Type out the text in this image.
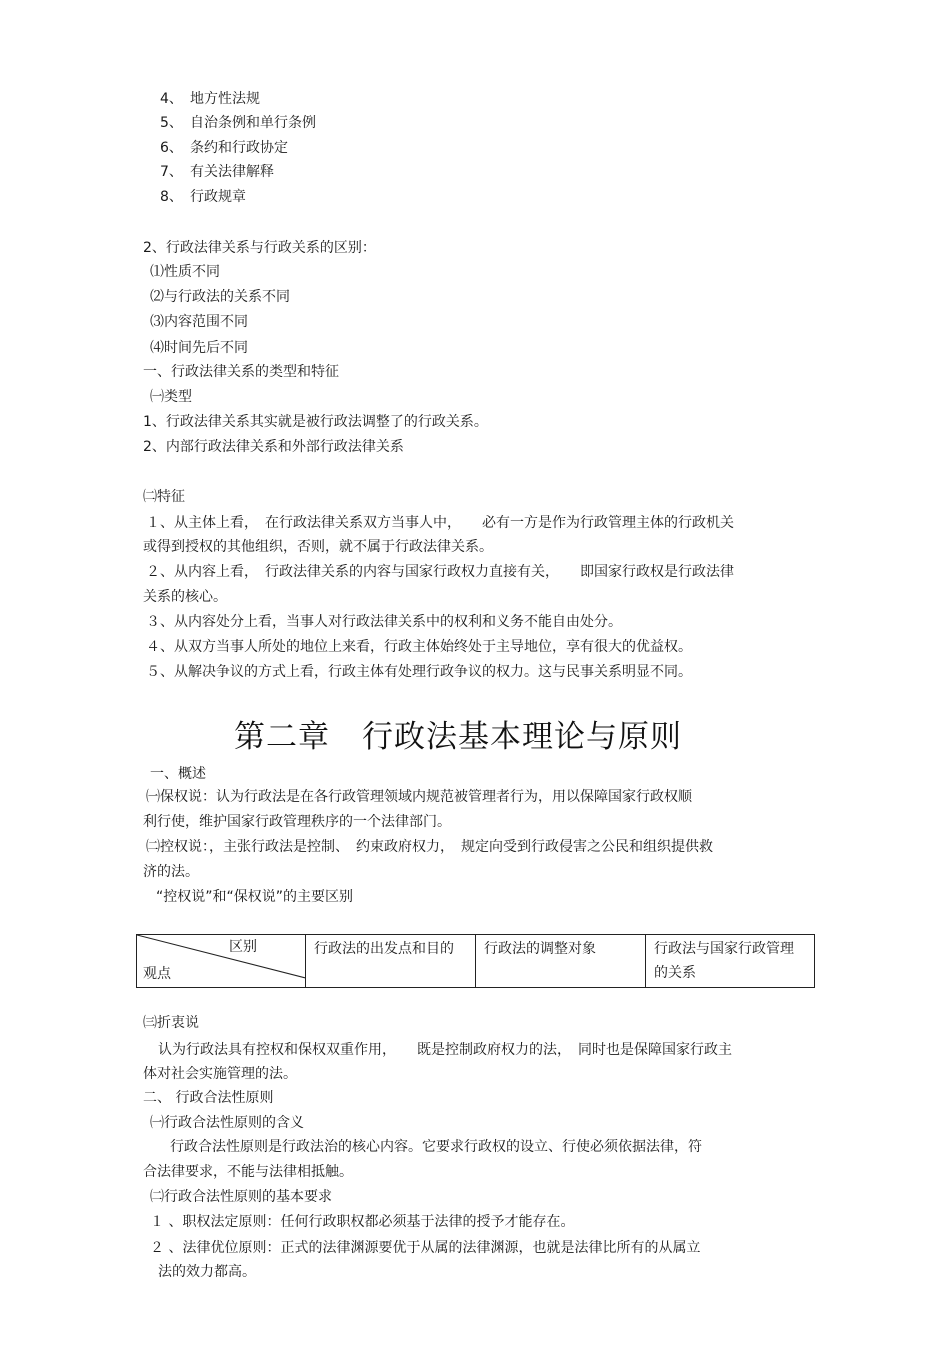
4、 地方性法规
5、 自治条例和单行条例
6、 条约和行政协定
7、 有关法律解释
8、 行政规章
2、行政法律关系与行政关系的区别：
⑴性质不同
⑵与行政法的关系不同
⑶内容范围不同
⑷时间先后不同
一、行政法律关系的类型和特征
㈠类型
1、行政法律关系其实就是被行政法调整了的行政关系。
2、内部行政法律关系和外部行政法律关系
㈡特征
１、从主体上看，　在行政法律关系双方当事人中，　　必有一方是作为行政管理主体的行政机关
或得到授权的其他组织，否则，就不属于行政法律关系。
２、从内容上看，　行政法律关系的内容与国家行政权力直接有关，　　即国家行政权是行政法律
关系的核心。
３、从内容处分上看，当事人对行政法律关系中的权利和义务不能自由处分。
４、从双方当事人所处的地位上来看，行政主体始终处于主导地位，享有很大的优益权。
５、从解决争议的方式上看，行政主体有处理行政争议的权力。这与民事关系明显不同。
第二章　行政法基本理论与原则
一、概述
㈠保权说：认为行政法是在各行政管理领域内规范被管理者行为，用以保障国家行政权顺
利行使，维护国家行政管理秩序的一个法律部门。
㈡控权说：，主张行政法是控制、　约束政府权力，　规定向受到行政侵害之公民和组织提供救
济的法。
“控权说”和“保权说”的主要区别
区别
观点
	行政法的出发点和目的	行政法的调整对象	行政法与国家行政管理的关系
㈢折衷说
认为行政法具有控权和保权双重作用，　　既是控制政府权力的法，　同时也是保障国家行政主
体对社会实施管理的法。
二、 行政合法性原则
㈠行政合法性原则的含义
行政合法性原则是行政法治的核心内容。它要求行政权的设立、行使必须依据法律，符
合法律要求，不能与法律相抵触。
㈡行政合法性原则的基本要求
１ 、职权法定原则：任何行政职权都必须基于法律的授予才能存在。
２ 、法律优位原则：正式的法律渊源要优于从属的法律渊源，也就是法律比所有的从属立
法的效力都高。
